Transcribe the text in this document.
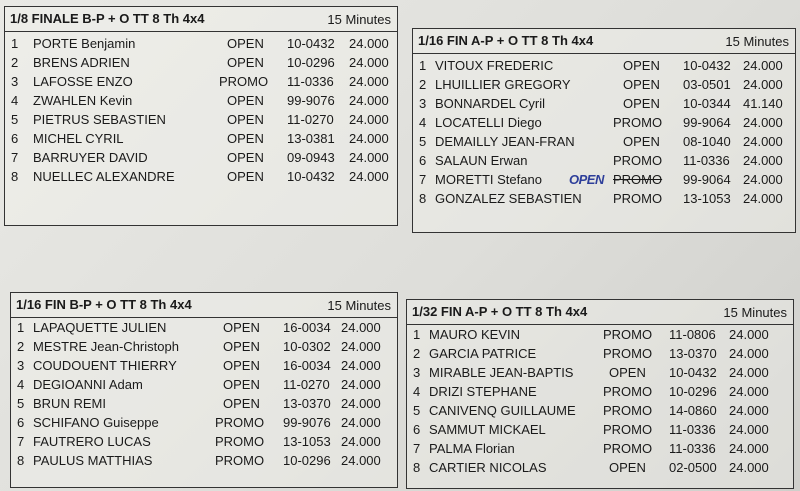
1/8 FINALE B-P + O TT 8 Th 4x4	15 Minutes
1	PORTE Benjamin	OPEN 10-0432 24.000
2	BRENS ADRIEN	OPEN 10-0296 24.000
3	LAFOSSE ENZO	PROMO 11-0336 24.000
4	ZWAHLEN Kevin	OPEN 99-9076 24.000
5	PIETRUS SEBASTIEN	OPEN 11-0270 24.000
6	MICHEL CYRIL	OPEN 13-0381 24.000
7	BARRUYER DAVID	OPEN 09-0943 24.000
8	NUELLEC ALEXANDRE	OPEN 10-0432 24.000
1/16 FIN A-P + O TT 8 Th 4x4	15 Minutes
1 VITOUX FREDERIC	OPEN 10-0432 24.000
2 LHUILLIER GREGORY	OPEN 03-0501 24.000
3 BONNARDEL Cyril	OPEN 10-0344 41.140
4 LOCATELLI Diego	PROMO 99-9064 24.000
5 DEMAILLY JEAN-FRAN	OPEN 08-1040 24.000
6 SALAUN Erwan	PROMO 11-0336 24.000
7 MORETTI Stefano OPEN PROMO 99-9064 24.000
8 GONZALEZ SEBASTIEN PROMO 13-1053 24.000
1/16 FIN B-P + O TT 8 Th 4x4	15 Minutes
1 LAPAQUETTE JULIEN	OPEN 16-0034 24.000
2 MESTRE Jean-Christoph	OPEN 10-0302 24.000
3 COUDOUENT THIERRY	OPEN 16-0034 24.000
4 DEGIOANNI Adam	OPEN 11-0270 24.000
5 BRUN REMI	OPEN 13-0370 24.000
6 SCHIFANO Guiseppe	PROMO 99-9076 24.000
7 FAUTRERO LUCAS	PROMO 13-1053 24.000
8 PAULUS MATTHIAS	PROMO 10-0296 24.000
1/32 FIN A-P + O TT 8 Th 4x4	15 Minutes
1 MAURO KEVIN	PROMO 11-0806 24.000
2 GARCIA PATRICE	PROMO 13-0370 24.000
3 MIRABLE JEAN-BAPTIS	OPEN 10-0432 24.000
4 DRIZI STEPHANE	PROMO 10-0296 24.000
5 CANIVENQ GUILLAUME PROMO 14-0860 24.000
6 SAMMUT MICKAEL	PROMO 11-0336 24.000
7 PALMA Florian	PROMO 11-0336 24.000
8 CARTIER NICOLAS	OPEN 02-0500 24.000
